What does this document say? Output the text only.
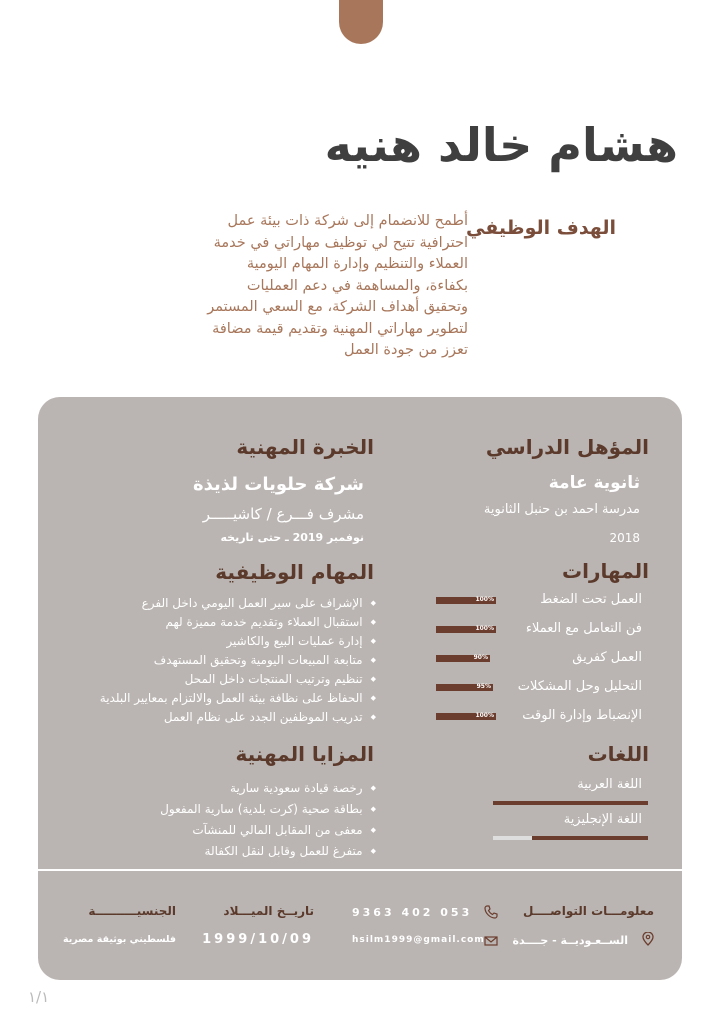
هشام خالد هنيه
الهدف الوظيفي
أطمح للانضمام إلى شركة ذات بيئة عمل احترافية تتيح لي توظيف مهاراتي في خدمة العملاء والتنظيم وإدارة المهام اليومية بكفاءة، والمساهمة في دعم العمليات وتحقيق أهداف الشركة، مع السعي المستمر لتطوير مهاراتي المهنية وتقديم قيمة مضافة تعزز من جودة العمل
المؤهل الدراسي
ثانوية عامة
مدرسة احمد بن حنبل الثانوية
2018
المهارات
العمل تحت الضغط
100%
فن التعامل مع العملاء
100%
العمل كفريق
90%
التحليل وحل المشكلات
95%
الإنضباط وإدارة الوقت
100%
اللغات
اللغة العربية
اللغة الإنجليزية
الخبرة المهنية
شركة حلويات لذيذة
مشرف فـــرع / كاشيـــــر
نوفمبر 2019 ـ حتى تاريخه
المهام الوظيفية
◆ الإشراف على سير العمل اليومي داخل الفرع
◆ استقبال العملاء وتقديم خدمة مميزة لهم
◆ إدارة عمليات البيع والكاشير
◆ متابعة المبيعات اليومية وتحقيق المستهدف
◆ تنظيم وترتيب المنتجات داخل المحل
◆ الحفاظ على نظافة بيئة العمل والالتزام بمعايير البلدية
◆ تدريب الموظفين الجدد على نظام العمل
المزايا المهنية
◆ رخصة قيادة سعودية سارية
◆ بطاقة صحية (كرت بلدية) سارية المفعول
◆ معفى من المقابل المالي للمنشآت
◆ متفرغ للعمل وقابل لنقل الكفالة
معلومـــات التواصــــل
053 402 9363
الســعـوديــة - جــــدة
hsilm1999@gmail.com
تاريــخ الميـــلاد
1999/10/09
الجنسيــــــــــة
فلسطيني بوثيقة مصرية
١/١
